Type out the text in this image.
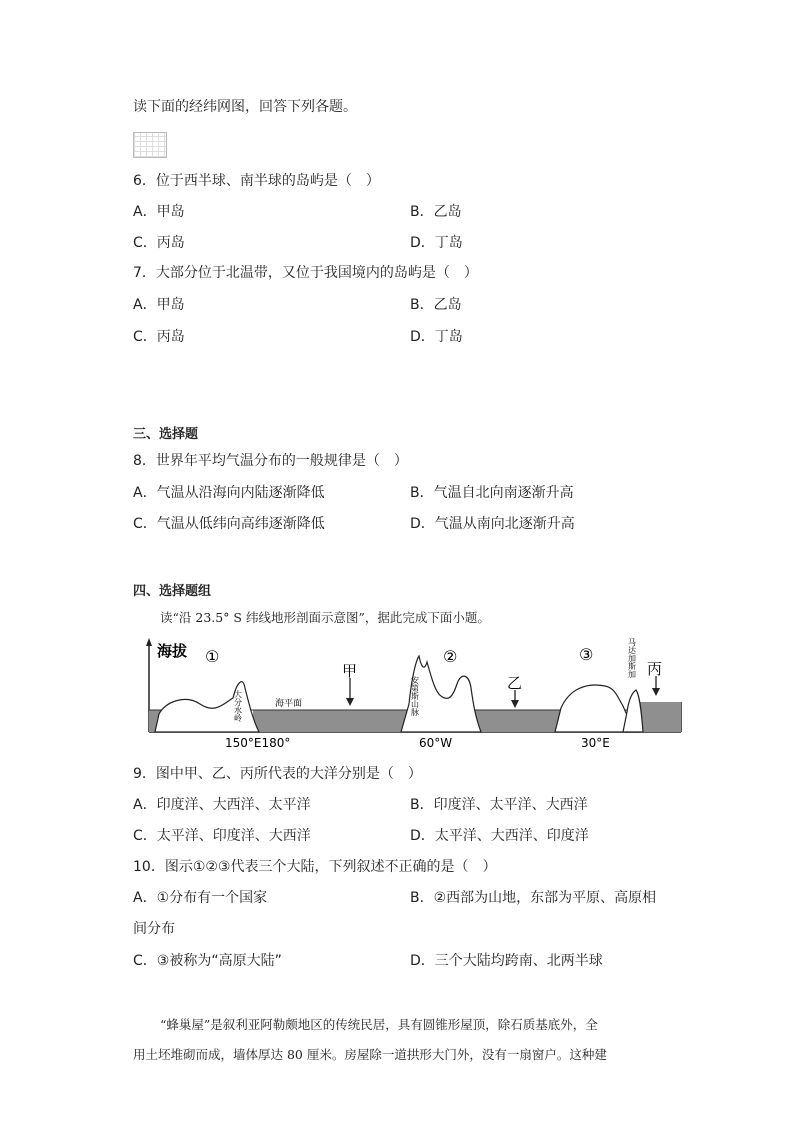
读下面的经纬网图，回答下列各题。
6．位于西半球、南半球的岛屿是（　）
A．甲岛	B．乙岛
C．丙岛	D．丁岛
7．大部分位于北温带，又位于我国境内的岛屿是（　）
A．甲岛	B．乙岛
C．丙岛	D．丁岛
三、选择题
8．世界年平均气温分布的一般规律是（　）
A．气温从沿海向内陆逐渐降低	B．气温自北向南逐渐升高
C．气温从低纬向高纬逐渐降低	D．气温从南向北逐渐升高
四、选择题组
读“沿 23.5° S 纬线地形剖面示意图”，据此完成下面小题。
海拔 ①	②	③
甲
乙
丙
海平面
大分水岭	安第斯山脉
马达加斯加
150°E180°	60°W	30°E
9．图中甲、乙、丙所代表的大洋分别是（　）
A．印度洋、大西洋、太平洋	B．印度洋、太平洋、大西洋
C．太平洋、印度洋、大西洋	D．太平洋、大西洋、印度洋
10．图示①②③代表三个大陆，下列叙述不正确的是（　）
A．①分布有一个国家	B．②西部为山地，东部为平原、高原相
间分布
C．③被称为“高原大陆”	D．三个大陆均跨南、北两半球
“蜂巢屋”是叙利亚阿勒颇地区的传统民居，具有圆锥形屋顶，除石质基底外，全
用土坯堆砌而成，墙体厚达 80 厘米。房屋除一道拱形大门外，没有一扇窗户。这种建
